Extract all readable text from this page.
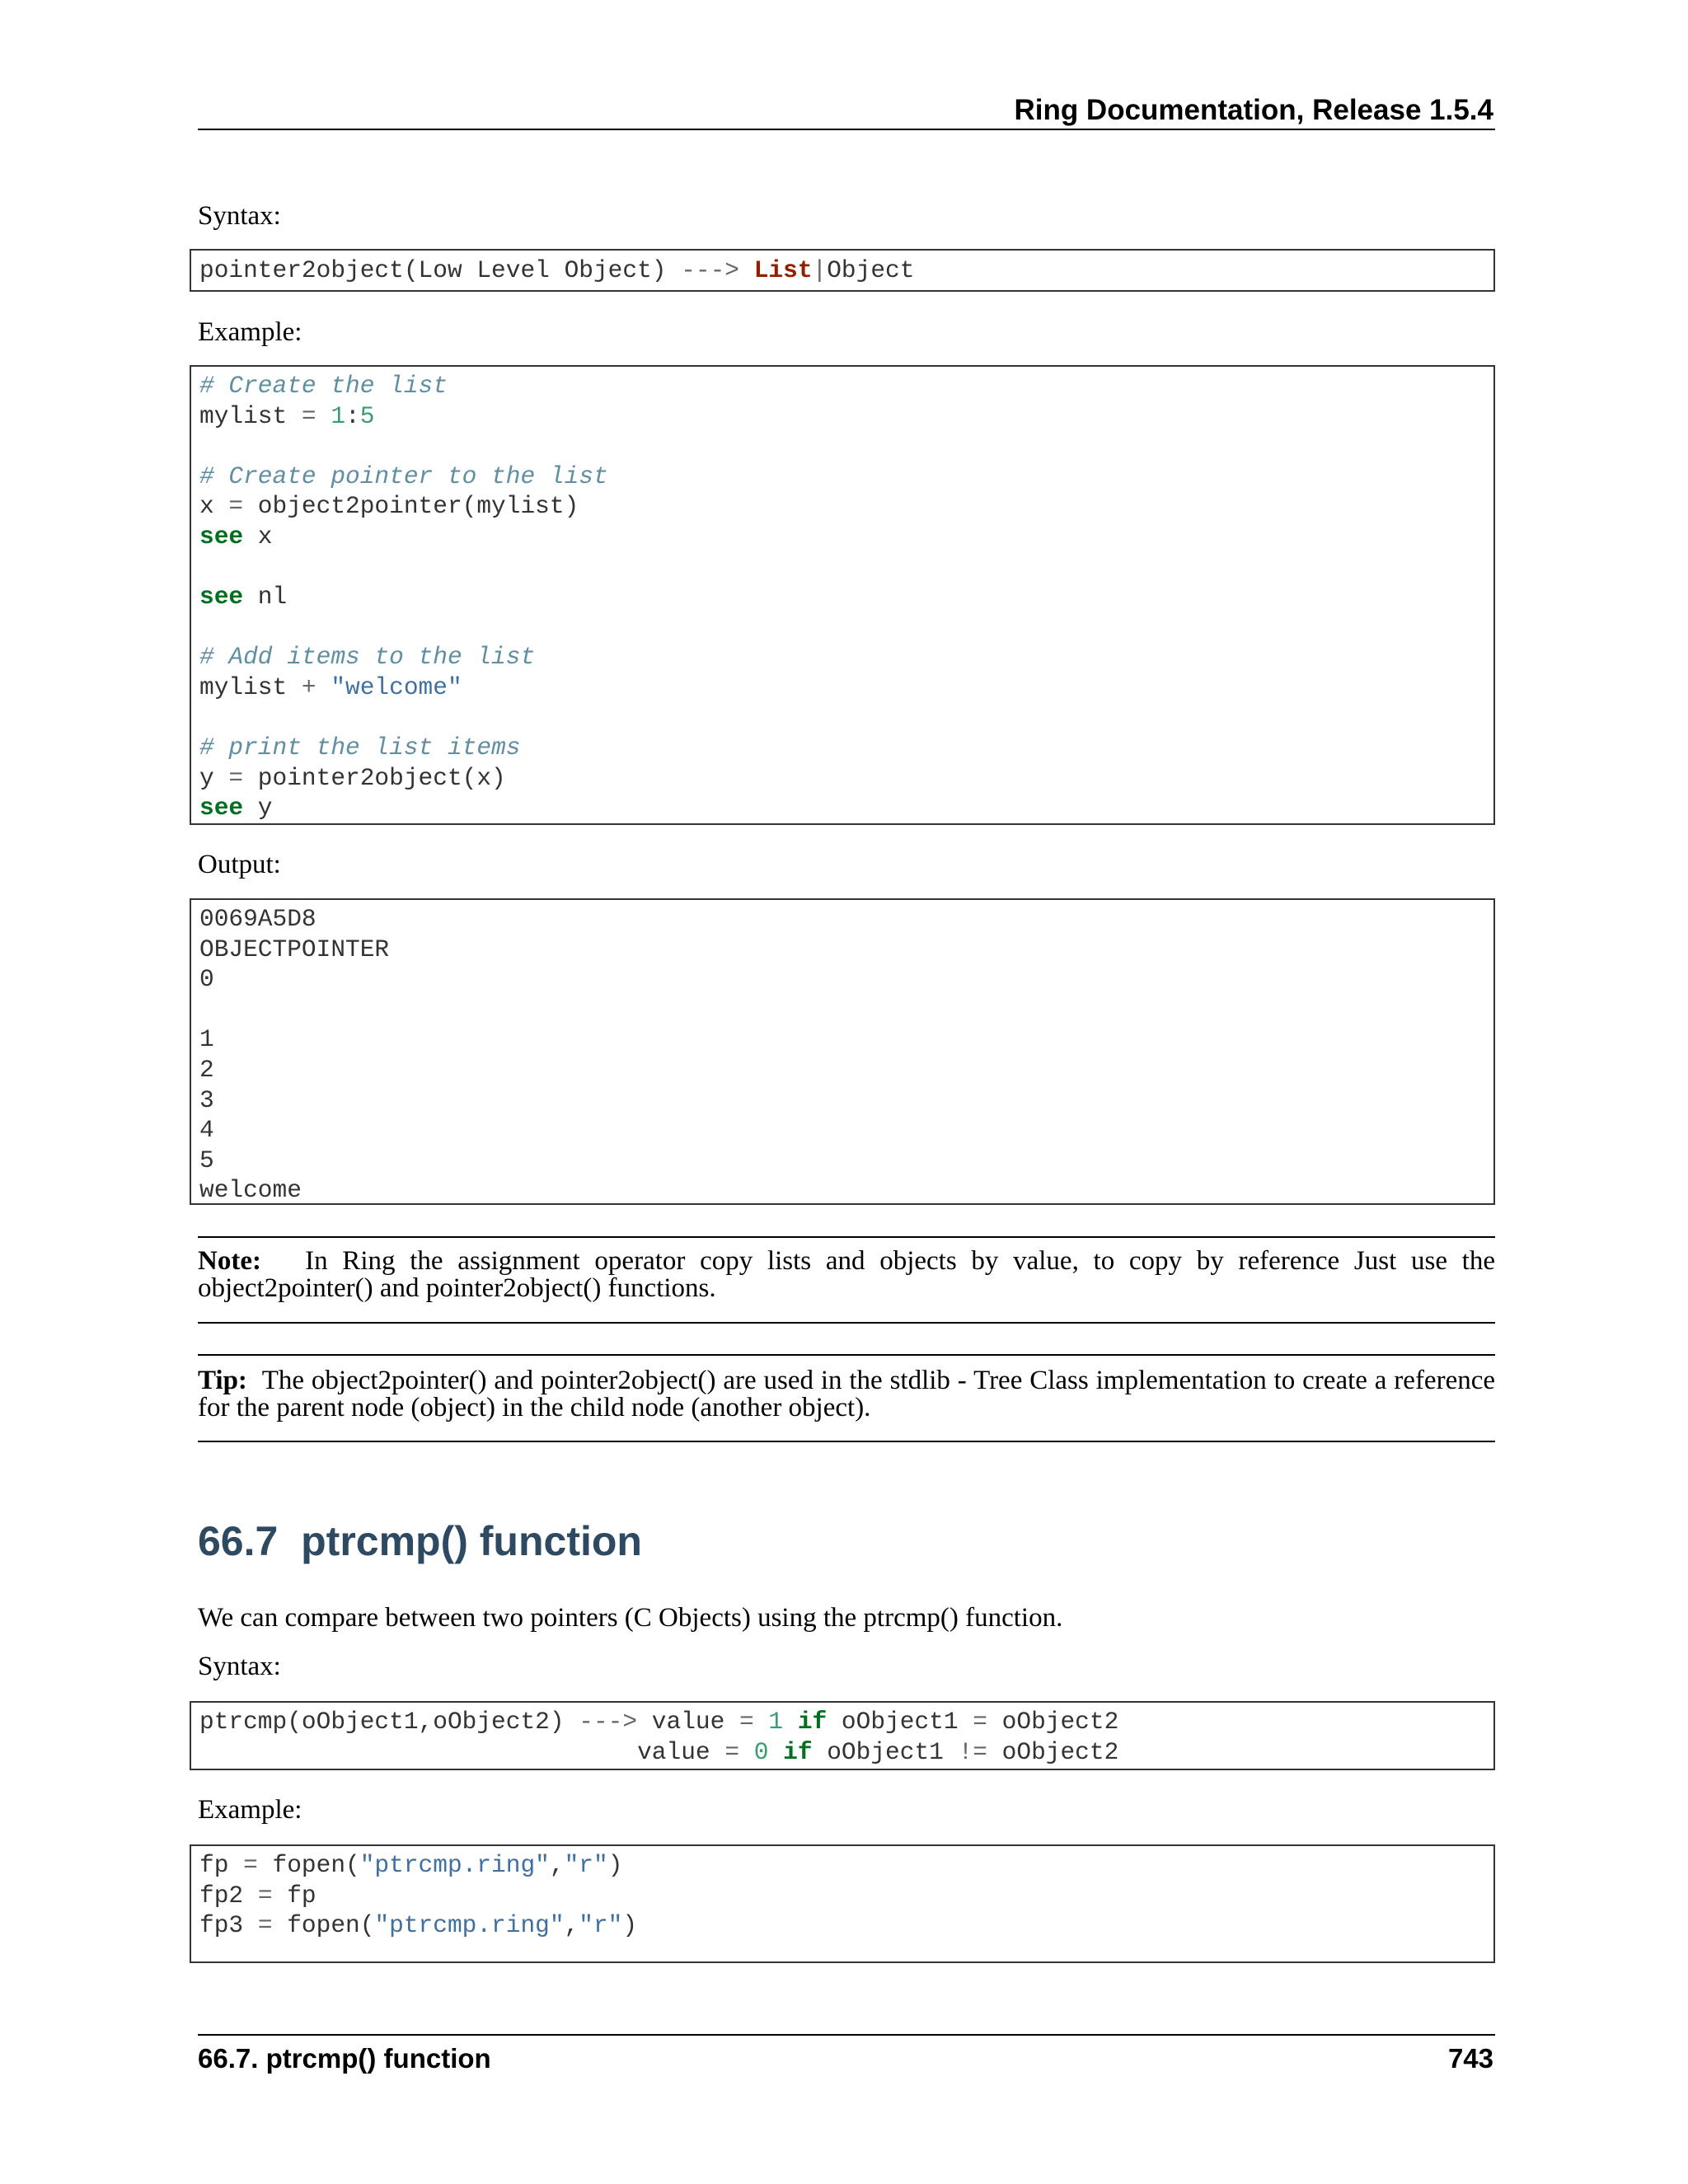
Ring Documentation, Release 1.5.4
Syntax:
pointer2object(Low Level Object) ---> List|Object
Example:
# Create the list
mylist = 1:5

# Create pointer to the list
x = object2pointer(mylist)
see x

see nl

# Add items to the list
mylist + "welcome"

# print the list items
y = pointer2object(x)
see y
Output:
0069A5D8
OBJECTPOINTER
0

1
2
3
4
5
welcome
Note: In Ring the assignment operator copy lists and objects by value, to copy by reference Just use the object2pointer() and pointer2object() functions.
Tip: The object2pointer() and pointer2object() are used in the stdlib - Tree Class implementation to create a reference for the parent node (object) in the child node (another object).
66.7 ptrcmp() function
We can compare between two pointers (C Objects) using the ptrcmp() function.
Syntax:
ptrcmp(oObject1,oObject2) ---> value = 1 if oObject1 = oObject2
value = 0 if oObject1 != oObject2
Example:
fp = fopen("ptrcmp.ring","r")
fp2 = fp
fp3 = fopen("ptrcmp.ring","r")
66.7. ptrcmp() function	743
